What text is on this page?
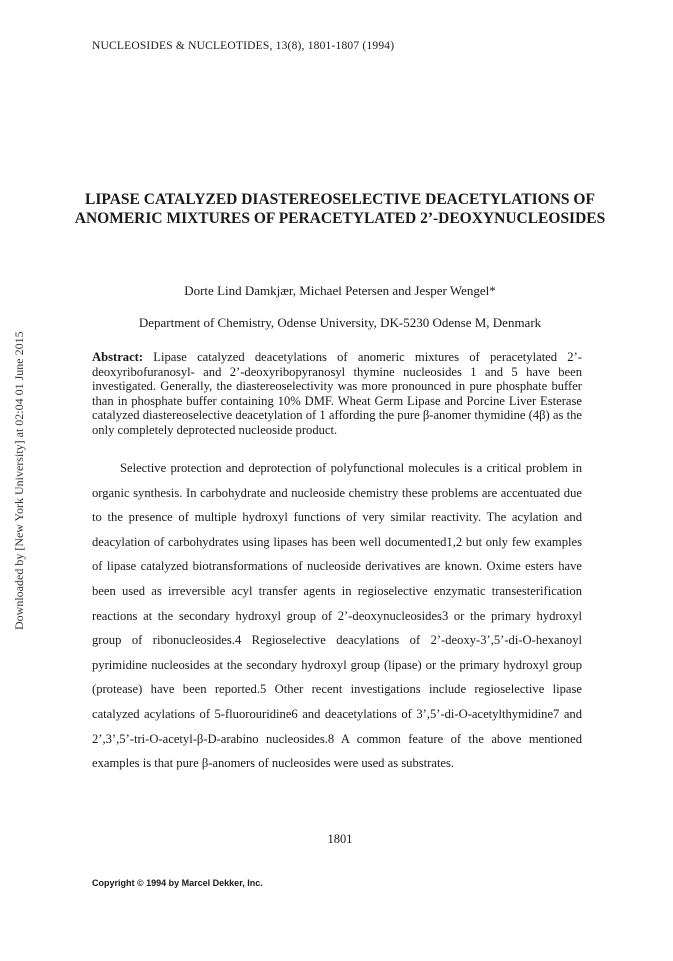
Downloaded by [New York University] at 02:04 01 June 2015
NUCLEOSIDES & NUCLEOTIDES, 13(8), 1801-1807 (1994)
LIPASE CATALYZED DIASTEREOSELECTIVE DEACETYLATIONS OF ANOMERIC MIXTURES OF PERACETYLATED 2’-DEOXYNUCLEOSIDES
Dorte Lind Damkjær, Michael Petersen and Jesper Wengel*
Department of Chemistry, Odense University, DK-5230 Odense M, Denmark
Abstract: Lipase catalyzed deacetylations of anomeric mixtures of peracetylated 2’-deoxyribofuranosyl- and 2’-deoxyribopyranosyl thymine nucleosides 1 and 5 have been investigated. Generally, the diastereoselectivity was more pronounced in pure phosphate buffer than in phosphate buffer containing 10% DMF. Wheat Germ Lipase and Porcine Liver Esterase catalyzed diastereoselective deacetylation of 1 affording the pure β-anomer thymidine (4β) as the only completely deprotected nucleoside product.
Selective protection and deprotection of polyfunctional molecules is a critical problem in organic synthesis. In carbohydrate and nucleoside chemistry these problems are accentuated due to the presence of multiple hydroxyl functions of very similar reactivity. The acylation and deacylation of carbohydrates using lipases has been well documented1,2 but only few examples of lipase catalyzed biotransformations of nucleoside derivatives are known. Oxime esters have been used as irreversible acyl transfer agents in regioselective enzymatic transesterification reactions at the secondary hydroxyl group of 2’-deoxynucleosides3 or the primary hydroxyl group of ribonucleosides.4 Regioselective deacylations of 2’-deoxy-3’,5’-di-O-hexanoyl pyrimidine nucleosides at the secondary hydroxyl group (lipase) or the primary hydroxyl group (protease) have been reported.5 Other recent investigations include regioselective lipase catalyzed acylations of 5-fluorouridine6 and deacetylations of 3’,5’-di-O-acetylthymidine7 and 2’,3’,5’-tri-O-acetyl-β-D-arabino nucleosides.8 A common feature of the above mentioned examples is that pure β-anomers of nucleosides were used as substrates.
1801
Copyright © 1994 by Marcel Dekker, Inc.
